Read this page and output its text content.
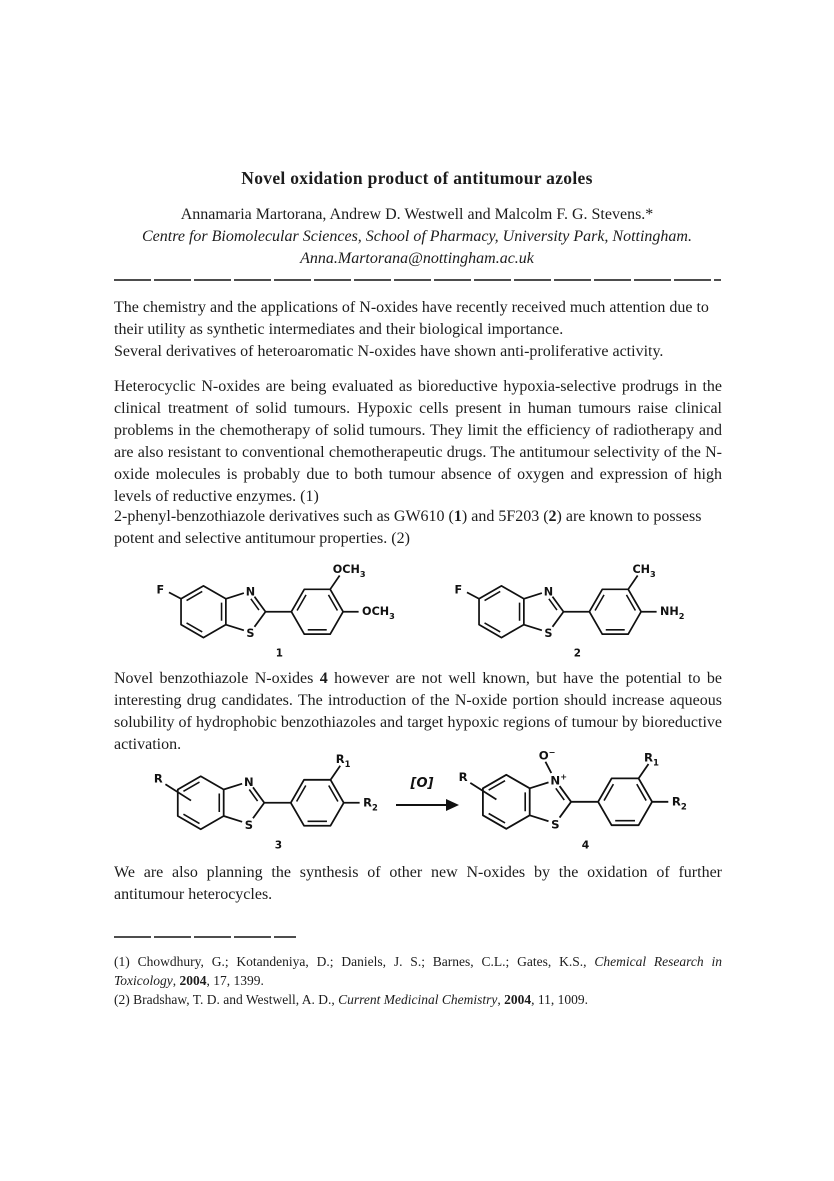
Novel oxidation product of antitumour azoles
Annamaria Martorana, Andrew D. Westwell and Malcolm F. G. Stevens.*
Centre for Biomolecular Sciences, School of Pharmacy, University Park, Nottingham.
Anna.Martorana@nottingham.ac.uk
The chemistry and the applications of N-oxides have recently received much attention due to their utility as synthetic intermediates and their biological importance.
Several derivatives of heteroaromatic N-oxides have shown anti-proliferative activity.
Heterocyclic N-oxides are being evaluated as bioreductive hypoxia-selective prodrugs in the clinical treatment of solid tumours. Hypoxic cells present in human tumours raise clinical problems in the chemotherapy of solid tumours. They limit the efficiency of radiotherapy and are also resistant to conventional chemotherapeutic drugs. The antitumour selectivity of the N-oxide molecules is probably due to both tumour absence of oxygen and expression of high levels of reductive enzymes. (1)
2-phenyl-benzothiazole derivatives such as GW610 (1) and 5F203 (2) are known to possess potent and selective antitumour properties. (2)
F	N
S
$OCH_3$
$OCH_3$
1
F	N
S
$CH_3$
$NH_2$
2
Novel benzothiazole N-oxides 4 however are not well known, but have the potential to be interesting drug candidates. The introduction of the N-oxide portion should increase aqueous solubility of hydrophobic benzothiazoles and target hypoxic regions of tumour by bioreductive activation.
R	N
S
$R_1$
$R_2$
3
[O] R	N+
O−
S
$R_1$
$R_2$
4
We are also planning the synthesis of other new N-oxides by the oxidation of further antitumour heterocycles.
(1) Chowdhury, G.; Kotandeniya, D.; Daniels, J. S.; Barnes, C.L.; Gates, K.S., Chemical Research in Toxicology, 2004, 17, 1399.
(2) Bradshaw, T. D. and Westwell, A. D., Current Medicinal Chemistry, 2004, 11, 1009.
